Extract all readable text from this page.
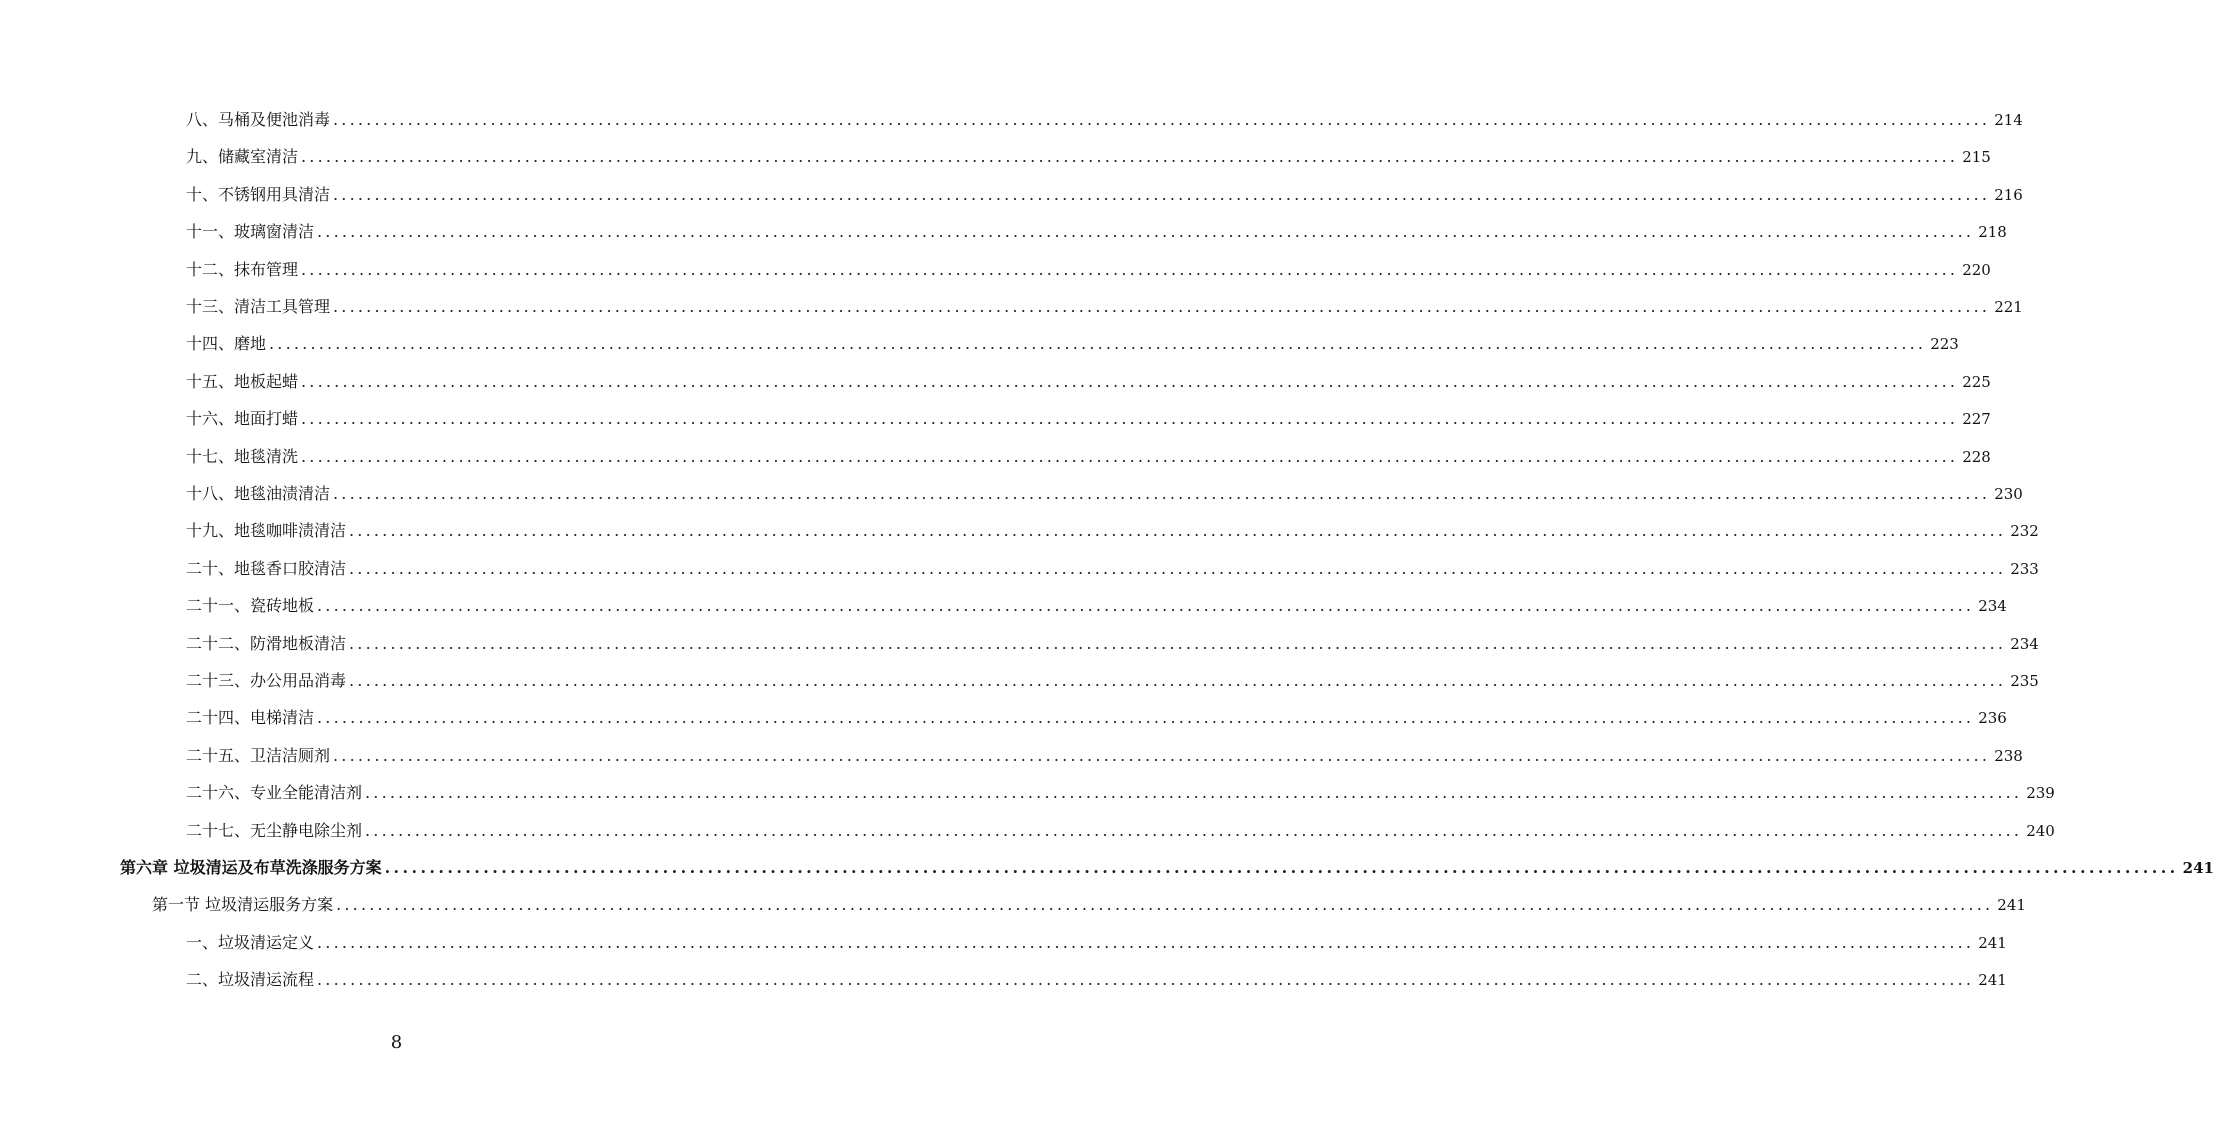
八、马桶及便池消毒 ........................................................................................................................................................................................................ 214
九、储藏室清洁 ........................................................................................................................................................................................................ 215
十、不锈钢用具清洁 ........................................................................................................................................................................................................ 216
十一、玻璃窗清洁 ........................................................................................................................................................................................................ 218
十二、抹布管理 ........................................................................................................................................................................................................ 220
十三、清洁工具管理 ........................................................................................................................................................................................................ 221
十四、磨地 ........................................................................................................................................................................................................ 223
十五、地板起蜡 ........................................................................................................................................................................................................ 225
十六、地面打蜡 ........................................................................................................................................................................................................ 227
十七、地毯清洗 ........................................................................................................................................................................................................ 228
十八、地毯油渍清洁 ........................................................................................................................................................................................................ 230
十九、地毯咖啡渍清洁 ........................................................................................................................................................................................................ 232
二十、地毯香口胶清洁 ........................................................................................................................................................................................................ 233
二十一、瓷砖地板 ........................................................................................................................................................................................................ 234
二十二、防滑地板清洁 ........................................................................................................................................................................................................ 234
二十三、办公用品消毒 ........................................................................................................................................................................................................ 235
二十四、电梯清洁 ........................................................................................................................................................................................................ 236
二十五、卫洁洁厕剂 ........................................................................................................................................................................................................ 238
二十六、专业全能清洁剂 ........................................................................................................................................................................................................ 239
二十七、无尘静电除尘剂 ........................................................................................................................................................................................................ 240
第六章 垃圾清运及布草洗涤服务方案 ........................................................................................................................................................................................................ 241
第一节 垃圾清运服务方案 ........................................................................................................................................................................................................ 241
一、垃圾清运定义 ........................................................................................................................................................................................................ 241
二、垃圾清运流程 ........................................................................................................................................................................................................ 241
8
